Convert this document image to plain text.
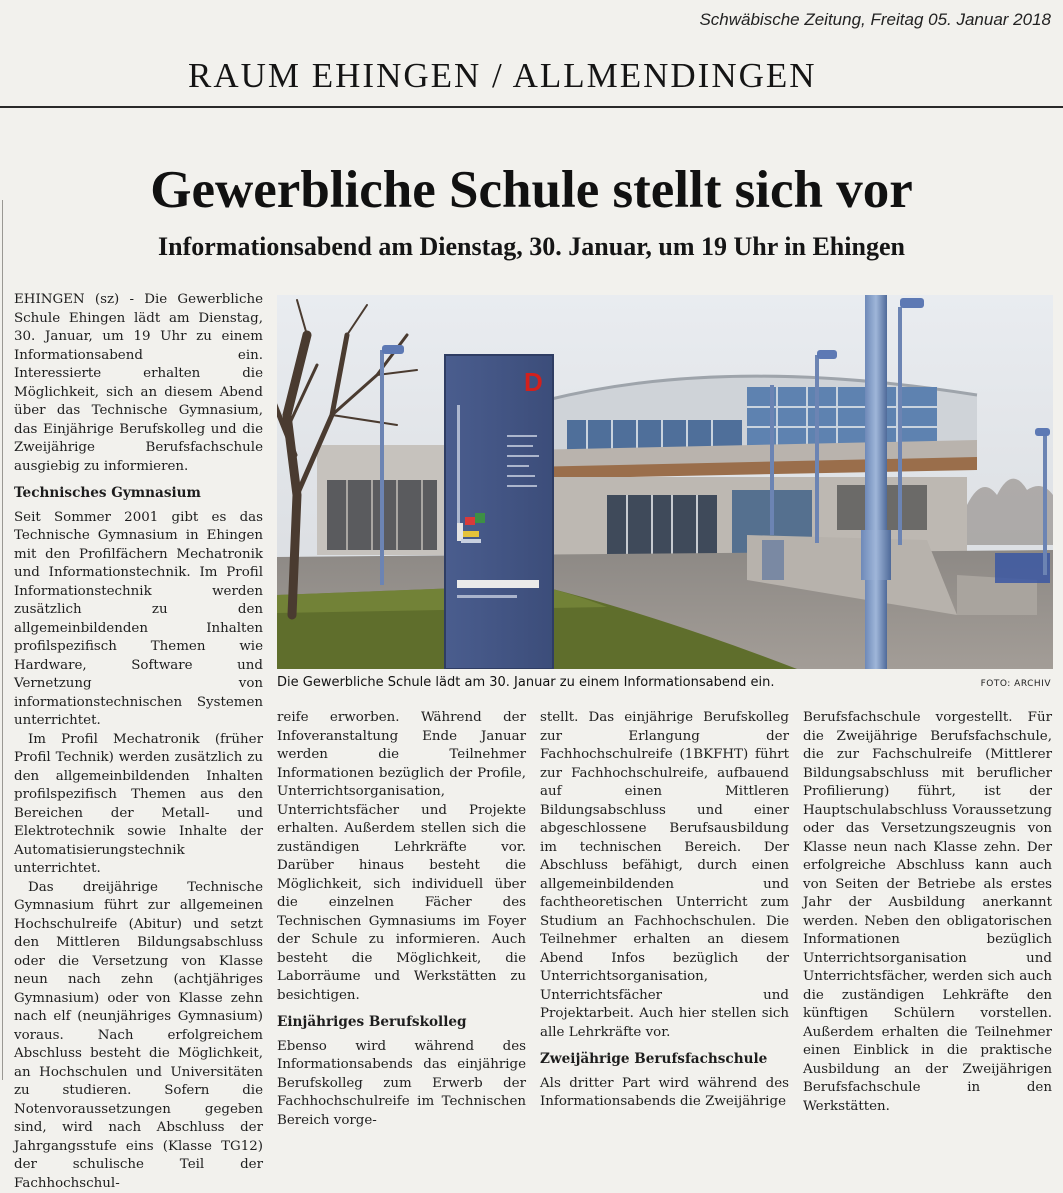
Schwäbische Zeitung, Freitag 05. Januar 2018
RAUM EHINGEN / ALLMENDINGEN
Gewerbliche Schule stellt sich vor
Informationsabend am Dienstag, 30. Januar, um 19 Uhr in Ehingen

EHINGEN (sz) - Die Gewerbliche Schule Ehingen lädt am Dienstag, 30. Januar, um 19 Uhr zu einem Informationsabend ein. Interessierte erhalten die Möglichkeit, sich an diesem Abend über das Technische Gymnasium, das Einjährige Berufskolleg und die Zweijährige Berufsfachschule ausgiebig zu informieren.

Technisches Gymnasium

Seit Sommer 2001 gibt es das Technische Gymnasium in Ehingen mit den Profilfächern Mechatronik und Informationstechnik. Im Profil Informationstechnik werden zusätzlich zu den allgemeinbildenden Inhalten profilspezifisch Themen wie Hardware, Software und Vernetzung von informationstechnischen Systemen unterrichtet.

Im Profil Mechatronik (früher Profil Technik) werden zusätzlich zu den allgemeinbildenden Inhalten profilspezifisch Themen aus den Bereichen der Metall- und Elektrotechnik sowie Inhalte der Automatisierungstechnik unterrichtet.

Das dreijährige Technische Gymnasium führt zur allgemeinen Hochschulreife (Abitur) und setzt den Mittleren Bildungsabschluss oder die Versetzung von Klasse neun nach zehn (achtjähriges Gymnasium) oder von Klasse zehn nach elf (neunjähriges Gymnasium) voraus. Nach erfolgreichem Abschluss besteht die Möglichkeit, an Hochschulen und Universitäten zu studieren. Sofern die Notenvoraussetzungen gegeben sind, wird nach Abschluss der Jahrgangsstufe eins (Klasse TG12) der schulische Teil der Fachhochschul-

D
Die Gewerbliche Schule lädt am 30. Januar zu einem Informationsabend ein.	FOTO: ARCHIV

reife erworben. Während der Infoveranstaltung Ende Januar werden die Teilnehmer Informationen bezüglich der Profile, Unterrichtsorganisation, Unterrichtsfächer und Projekte erhalten. Außerdem stellen sich die zuständigen Lehrkräfte vor. Darüber hinaus besteht die Möglichkeit, sich individuell über die einzelnen Fächer des Technischen Gymnasiums im Foyer der Schule zu informieren. Auch besteht die Möglichkeit, die Laborräume und Werkstätten zu besichtigen.

Einjähriges Berufskolleg

Ebenso wird während des Informationsabends das einjährige Berufskolleg zum Erwerb der Fachhochschulreife im Technischen Bereich vorge-

stellt. Das einjährige Berufskolleg zur Erlangung der Fachhochschulreife (1BKFHT) führt zur Fachhochschulreife, aufbauend auf einen Mittleren Bildungsabschluss und einer abgeschlossene Berufsausbildung im technischen Bereich. Der Abschluss befähigt, durch einen allgemeinbildenden und fachtheoretischen Unterricht zum Studium an Fachhochschulen. Die Teilnehmer erhalten an diesem Abend Infos bezüglich der Unterrichtsorganisation, Unterrichtsfächer und Projektarbeit. Auch hier stellen sich alle Lehrkräfte vor.

Zweijährige Berufsfachschule

Als dritter Part wird während des Informationsabends die Zweijährige

Berufsfachschule vorgestellt. Für die Zweijährige Berufsfachschule, die zur Fachschulreife (Mittlerer Bildungsabschluss mit beruflicher Profilierung) führt, ist der Hauptschulabschluss Voraussetzung oder das Versetzungszeugnis von Klasse neun nach Klasse zehn. Der erfolgreiche Abschluss kann auch von Seiten der Betriebe als erstes Jahr der Ausbildung anerkannt werden. Neben den obligatorischen Informationen bezüglich Unterrichtsorganisation und Unterrichtsfächer, werden sich auch die zuständigen Lehkräfte den künftigen Schülern vorstellen. Außerdem erhalten die Teilnehmer einen Einblick in die praktische Ausbildung an der Zweijährigen Berufsfachschule in den Werkstätten.
